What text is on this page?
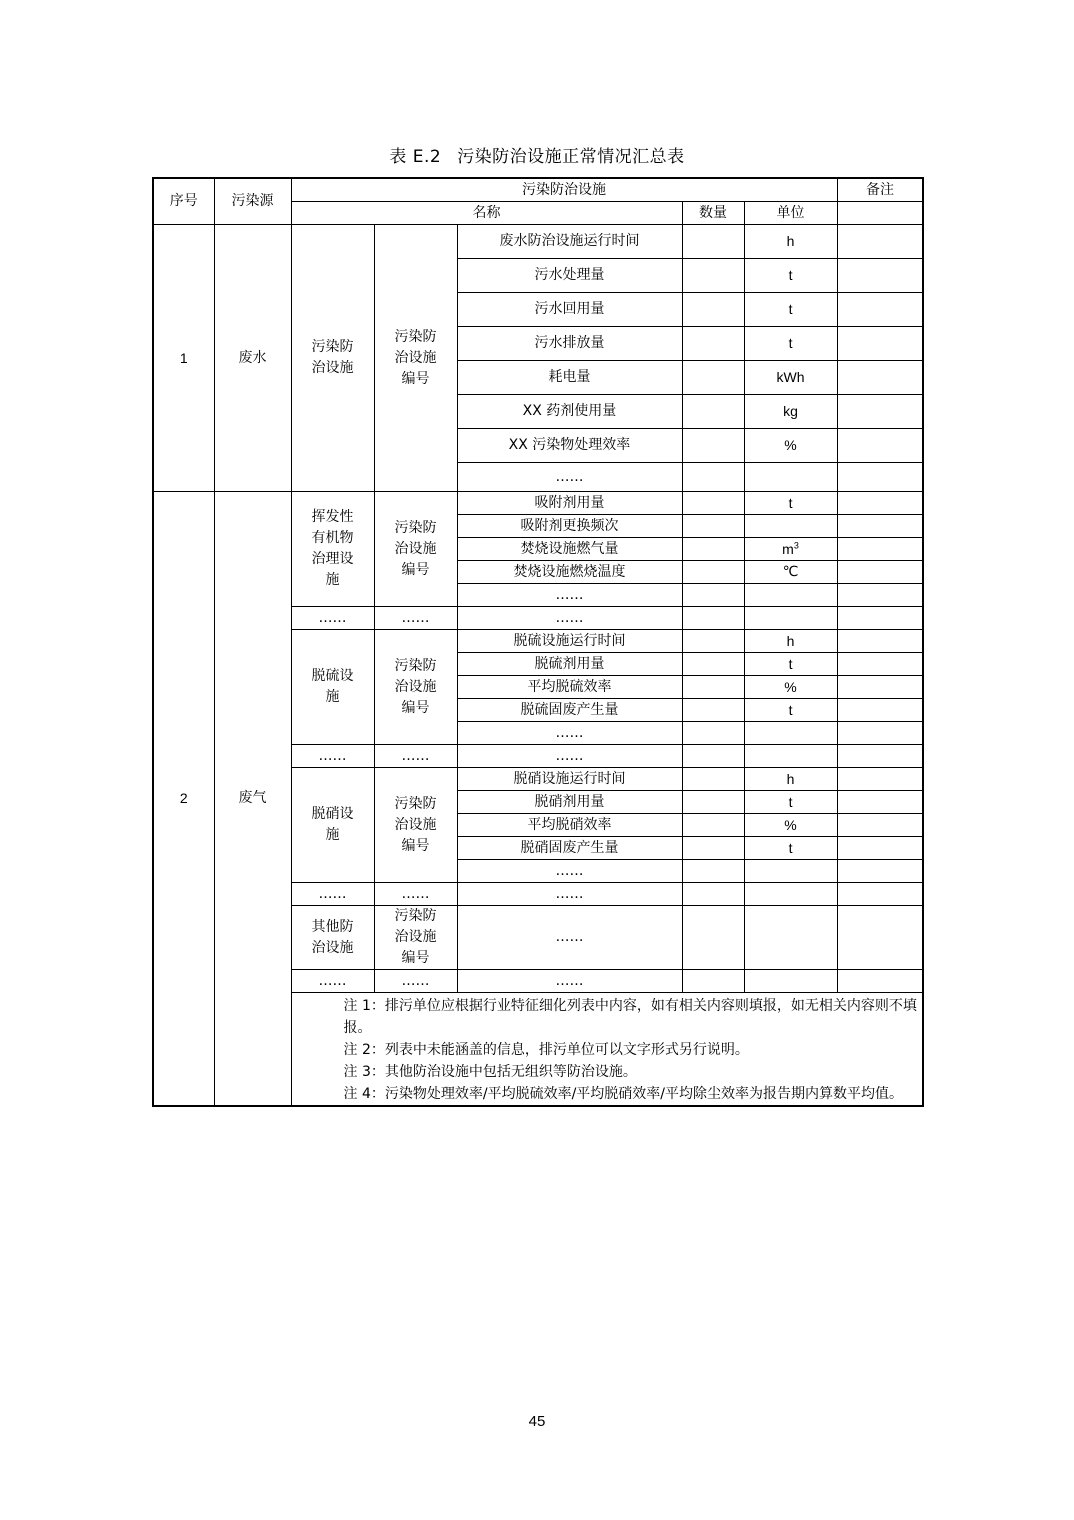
表 E.2 污染防治设施正常情况汇总表
序号	污染源	污染防治设施					备注
		名称			数量	单位	
1	废水	污染防治设施	污染防治设施编号	废水防治设施运行时间		h	
				污水处理量		t	
				污水回用量		t	
				污水排放量		t	
				耗电量		kWh	
				XX 药剂使用量		kg	
				XX 污染物处理效率		%	
				……			
2	废气	挥发性有机物治理设施	污染防治设施编号	吸附剂用量		t	
				吸附剂更换频次			
				焚烧设施燃气量		$m^3$	
				焚烧设施燃烧温度		℃	
				……			
		……	……	……			
		脱硫设施	污染防治设施编号	脱硫设施运行时间		h	
				脱硫剂用量		t	
				平均脱硫效率		%	
				脱硫固废产生量		t	
				……			
		……	……	……			
		脱硝设施	污染防治设施编号	脱硝设施运行时间		h	
				脱硝剂用量		t	
				平均脱硝效率		%	
				脱硝固废产生量		t	
				……			
		……	……	……			
		其他防治设施	污染防治设施编号	……			
		……	……	……			

		注 1：排污单位应根据行业特征细化列表中内容，如有相关内容则填报，如无相关内容则不填报。
注 2：列表中未能涵盖的信息，排污单位可以文字形式另行说明。
注 3：其他防治设施中包括无组织等防治设施。
注 4：污染物处理效率/平均脱硫效率/平均脱硝效率/平均除尘效率为报告期内算数平均值。					
45
